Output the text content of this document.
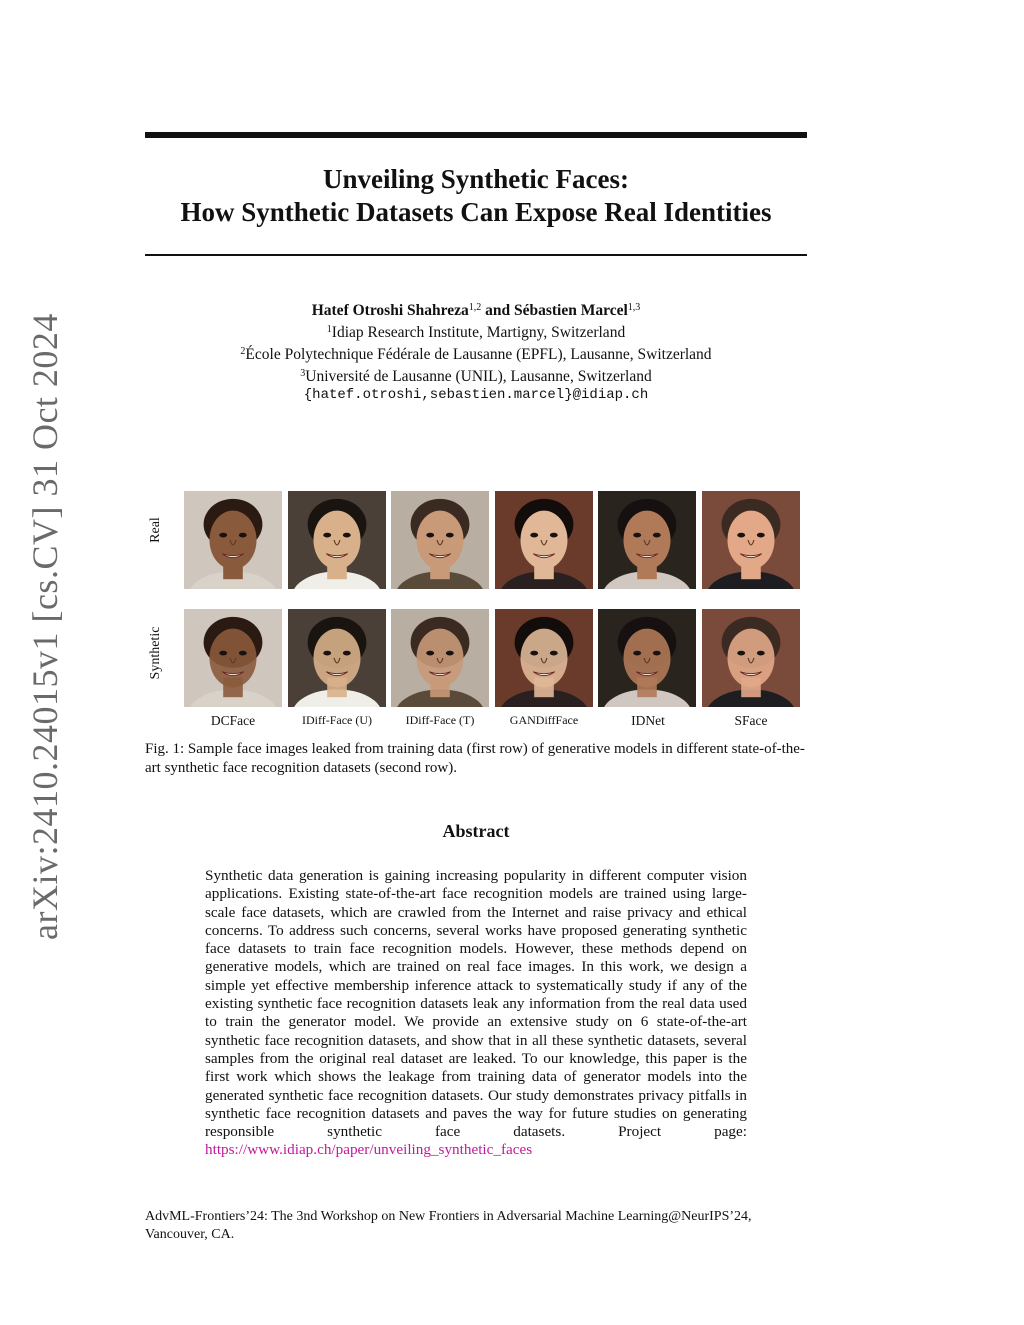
arXiv:2410.24015v1 [cs.CV] 31 Oct 2024
Unveiling Synthetic Faces:
How Synthetic Datasets Can Expose Real Identities
Hatef Otroshi Shahreza$^{1,2}$ and Sébastien Marcel$^{1,3}$
$^1$Idiap Research Institute, Martigny, Switzerland
$^2$École Polytechnique Fédérale de Lausanne (EPFL), Lausanne, Switzerland
$^3$Université de Lausanne (UNIL), Lausanne, Switzerland
{hatef.otroshi,sebastien.marcel}@idiap.ch
Real
Synthetic
DCFace	IDiff-Face (U)	IDiff-Face (T)	GANDiffFace	IDNet	SFace
Fig. 1: Sample face images leaked from training data (first row) of generative models in different state-of-the-art synthetic face recognition datasets (second row).
Abstract
Synthetic data generation is gaining increasing popularity in different computer vision applications. Existing state-of-the-art face recognition models are trained using large-scale face datasets, which are crawled from the Internet and raise privacy and ethical concerns. To address such concerns, several works have proposed generating synthetic face datasets to train face recognition models. However, these methods depend on generative models, which are trained on real face images. In this work, we design a simple yet effective membership inference attack to systematically study if any of the existing synthetic face recognition datasets leak any information from the real data used to train the generator model. We provide an extensive study on 6 state-of-the-art synthetic face recognition datasets, and show that in all these synthetic datasets, several samples from the original real dataset are leaked. To our knowledge, this paper is the first work which shows the leakage from training data of generator models into the generated synthetic face recognition datasets. Our study demonstrates privacy pitfalls in synthetic face recognition datasets and paves the way for future studies on generating responsible synthetic face datasets. Project page: https://www.idiap.ch/paper/unveiling_synthetic_faces
AdvML-Frontiers’24: The 3nd Workshop on New Frontiers in Adversarial Machine Learning@NeurIPS’24, Vancouver, CA.
